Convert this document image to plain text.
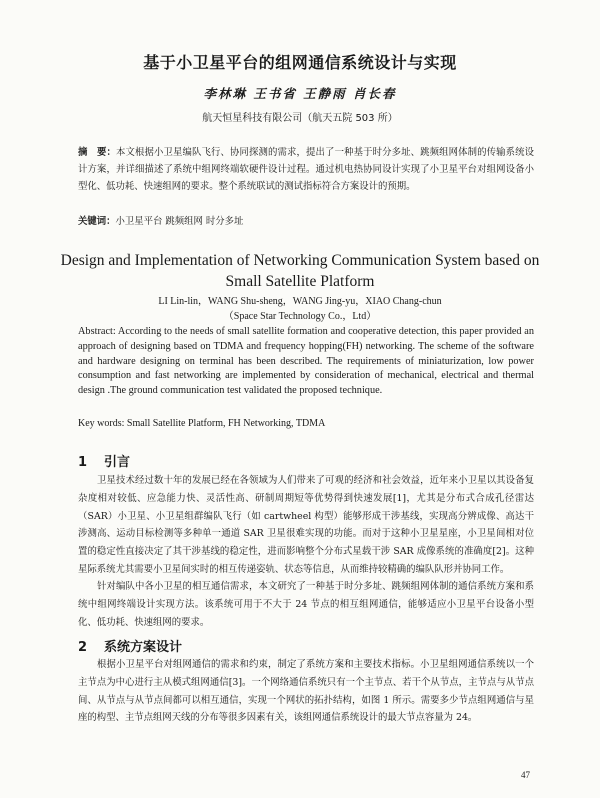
基于小卫星平台的组网通信系统设计与实现
李林琳 王书省 王静雨 肖长春
航天恒星科技有限公司（航天五院 503 所）
摘　要：本文根据小卫星编队飞行、协同探测的需求，提出了一种基于时分多址、跳频组网体制的传输系统设计方案，并详细描述了系统中组网终端软硬件设计过程。通过机电热协同设计实现了小卫星平台对组网设备小型化、低功耗、快速组网的要求。整个系统联试的测试指标符合方案设计的预期。
关键词：小卫星平台 跳频组网 时分多址
Design and Implementation of Networking Communication System based on Small Satellite Platform
LI Lin-lin，WANG Shu-sheng，WANG Jing-yu，XIAO Chang-chun
（Space Star Technology Co.，Ltd）
Abstract: According to the needs of small satellite formation and cooperative detection, this paper provided an approach of designing based on TDMA and frequency hopping(FH) networking. The scheme of the software and hardware designing on terminal has been described. The requirements of miniaturization, low power consumption and fast networking are implemented by consideration of mechanical, electrical and thermal design .The ground communication test validated the proposed technique.
Key words: Small Satellite Platform, FH Networking, TDMA
1 引言
卫星技术经过数十年的发展已经在各领域为人们带来了可观的经济和社会效益，近年来小卫星以其设备复杂度相对较低、应急能力快、灵活性高、研制周期短等优势得到快速发展[1]，尤其是分布式合成孔径雷达（SAR）小卫星、小卫星组群编队飞行（如 cartwheel 构型）能够形成干涉基线，实现高分辨成像、高达干涉测高、运动目标检测等多种单一通道 SAR 卫星很难实现的功能。而对于这种小卫星星座，小卫星间相对位置的稳定性直接决定了其干涉基线的稳定性，进而影响整个分布式星载干涉 SAR 成像系统的准确度[2]。这种星际系统尤其需要小卫星间实时的相互传递姿轨、状态等信息，从而维持较精确的编队队形并协同工作。
针对编队中各小卫星的相互通信需求，本文研究了一种基于时分多址、跳频组网体制的通信系统方案和系统中组网终端设计实现方法。该系统可用于不大于 24 节点的相互组网通信，能够适应小卫星平台设备小型化、低功耗、快速组网的要求。
2 系统方案设计
根据小卫星平台对组网通信的需求和约束，制定了系统方案和主要技术指标。小卫星组网通信系统以一个主节点为中心进行主从模式组网通信[3]。一个网络通信系统只有一个主节点、若干个从节点，主节点与从节点间、从节点与从节点间都可以相互通信，实现一个网状的拓扑结构，如图 1 所示。需要多少节点组网通信与星座的构型、主节点组网天线的分布等很多因素有关，该组网通信系统设计的最大节点容量为 24。
47
